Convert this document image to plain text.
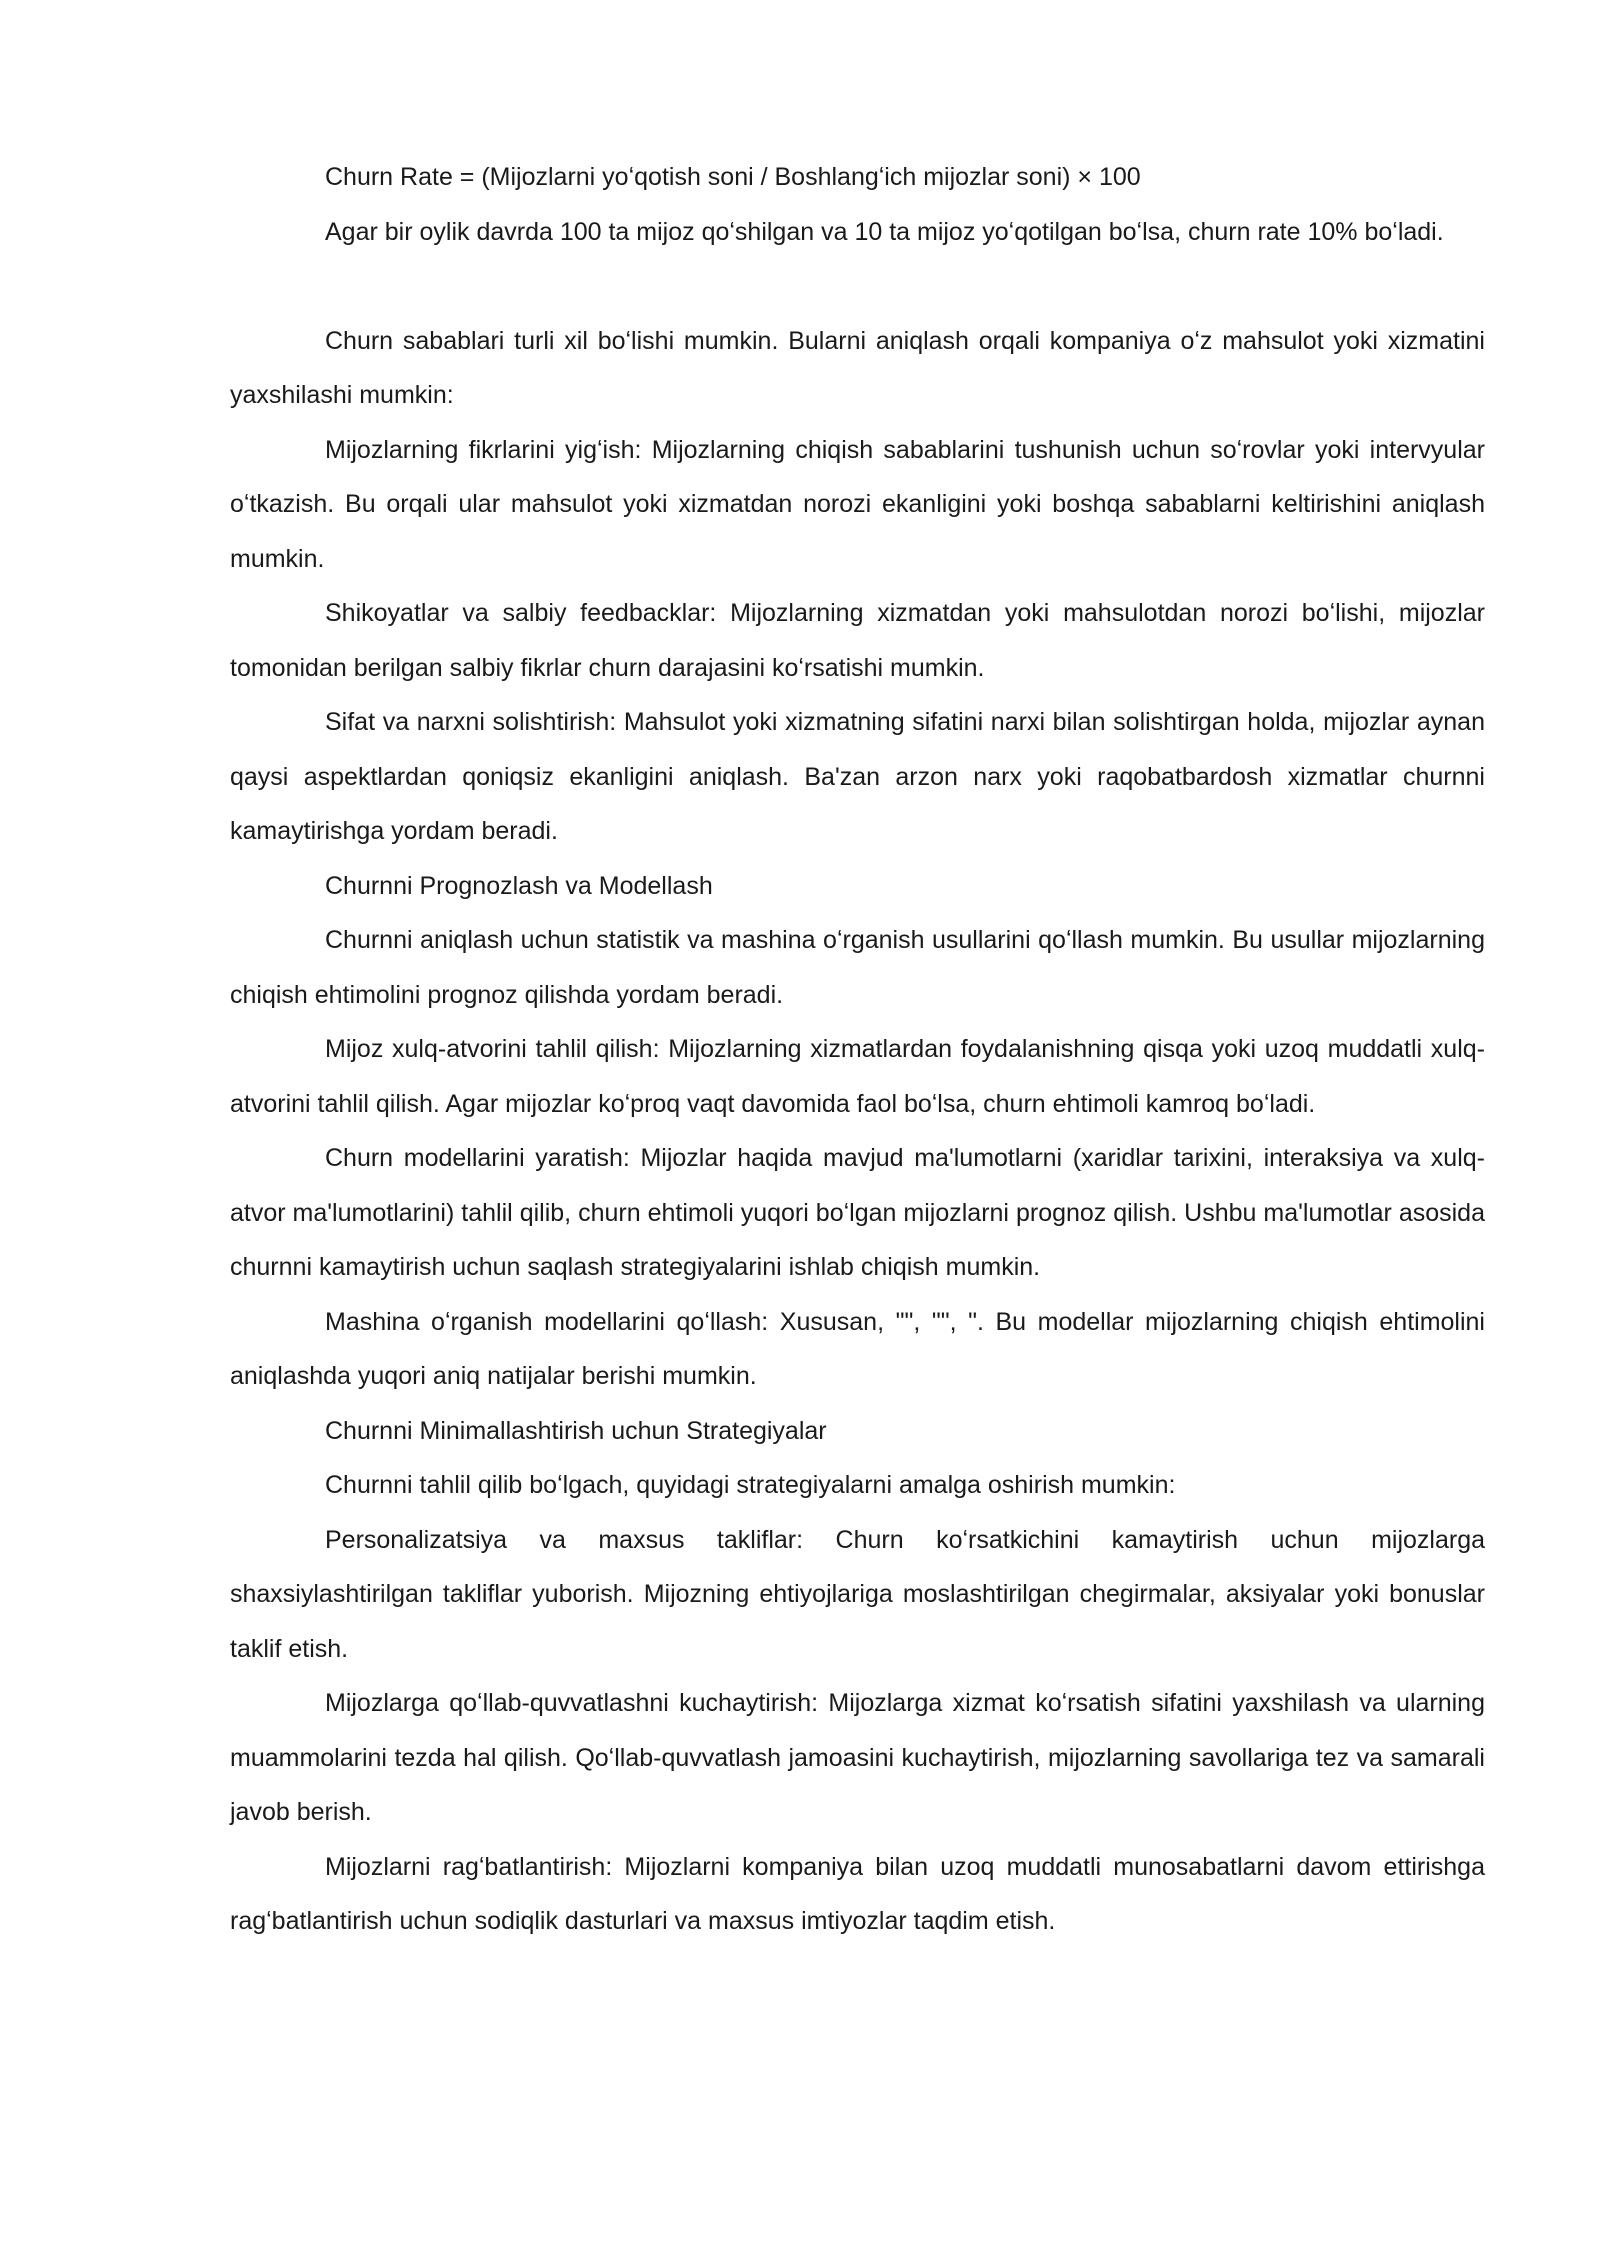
Churn Rate = (Mijozlarni yoʻqotish soni / Boshlangʻich mijozlar soni) × 100

Agar bir oylik davrda 100 ta mijoz qoʻshilgan va 10 ta mijoz yoʻqotilgan boʻlsa, churn rate 10% boʻladi.

Churn sabablari turli xil boʻlishi mumkin. Bularni aniqlash orqali kompaniya oʻz mahsulot yoki xizmatini yaxshilashi mumkin:

Mijozlarning fikrlarini yigʻish: Mijozlarning chiqish sabablarini tushunish uchun soʻrovlar yoki intervyular oʻtkazish. Bu orqali ular mahsulot yoki xizmatdan norozi ekanligini yoki boshqa sabablarni keltirishini aniqlash mumkin.

Shikoyatlar va salbiy feedbacklar: Mijozlarning xizmatdan yoki mahsulotdan norozi boʻlishi, mijozlar tomonidan berilgan salbiy fikrlar churn darajasini koʻrsatishi mumkin.

Sifat va narxni solishtirish: Mahsulot yoki xizmatning sifatini narxi bilan solishtirgan holda, mijozlar aynan qaysi aspektlardan qoniqsiz ekanligini aniqlash. Ba'zan arzon narx yoki raqobatbardosh xizmatlar churnni kamaytirishga yordam beradi.

Churnni Prognozlash va Modellash

Churnni aniqlash uchun statistik va mashina oʻrganish usullarini qoʻllash mumkin. Bu usullar mijozlarning chiqish ehtimolini prognoz qilishda yordam beradi.

Mijoz xulq-atvorini tahlil qilish: Mijozlarning xizmatlardan foydalanishning qisqa yoki uzoq muddatli xulq-atvorini tahlil qilish. Agar mijozlar koʻproq vaqt davomida faol boʻlsa, churn ehtimoli kamroq boʻladi.

Churn modellarini yaratish: Mijozlar haqida mavjud ma'lumotlarni (xaridlar tarixini, interaksiya va xulq-atvor ma'lumotlarini) tahlil qilib, churn ehtimoli yuqori boʻlgan mijozlarni prognoz qilish. Ushbu ma'lumotlar asosida churnni kamaytirish uchun saqlash strategiyalarini ishlab chiqish mumkin.

Mashina oʻrganish modellarini qoʻllash: Xususan, "", "", ". Bu modellar mijozlarning chiqish ehtimolini aniqlashda yuqori aniq natijalar berishi mumkin.

Churnni Minimallashtirish uchun Strategiyalar

Churnni tahlil qilib boʻlgach, quyidagi strategiyalarni amalga oshirish mumkin:

Personalizatsiya va maxsus takliflar: Churn koʻrsatkichini kamaytirish uchun mijozlarga shaxsiylashtirilgan takliflar yuborish. Mijozning ehtiyojlariga moslashtirilgan chegirmalar, aksiyalar yoki bonuslar taklif etish.

Mijozlarga qoʻllab-quvvatlashni kuchaytirish: Mijozlarga xizmat koʻrsatish sifatini yaxshilash va ularning muammolarini tezda hal qilish. Qoʻllab-quvvatlash jamoasini kuchaytirish, mijozlarning savollariga tez va samarali javob berish.

Mijozlarni ragʻbatlantirish: Mijozlarni kompaniya bilan uzoq muddatli munosabatlarni davom ettirishga ragʻbatlantirish uchun sodiqlik dasturlari va maxsus imtiyozlar taqdim etish.
